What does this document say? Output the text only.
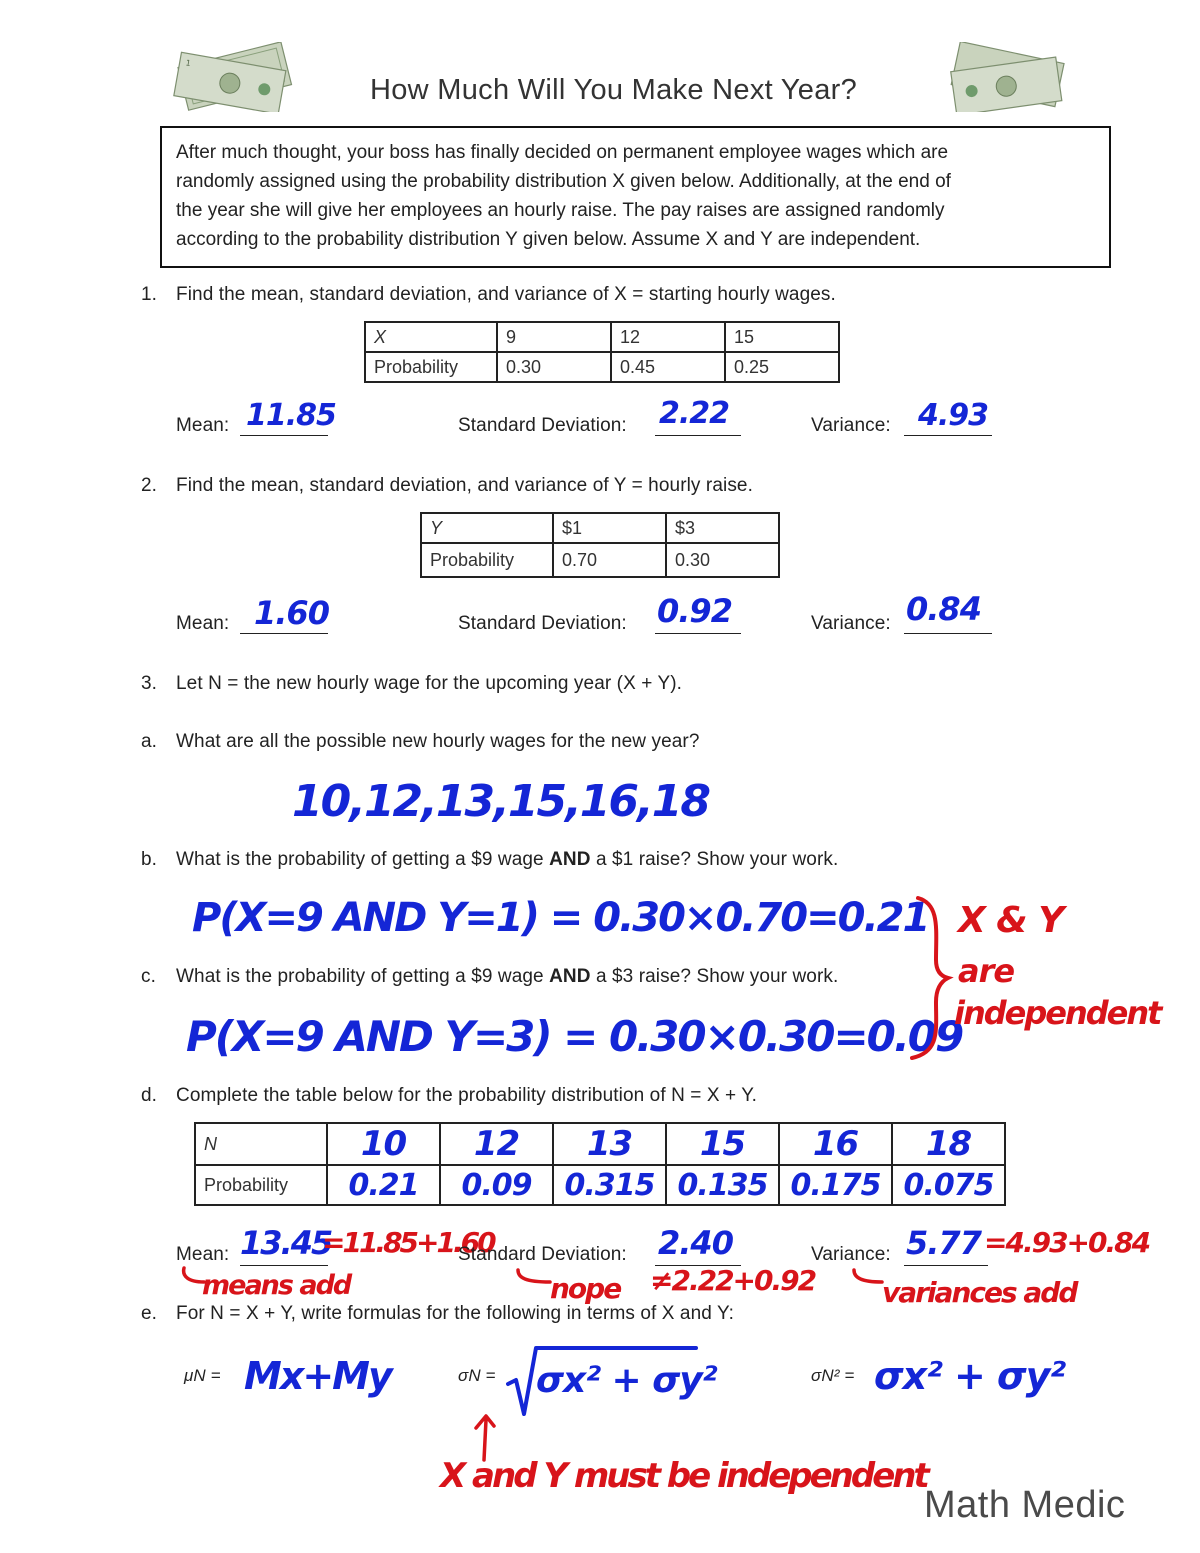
1
How Much Will You Make Next Year?

After much thought, your boss has finally decided on permanent employee wages which are

randomly assigned using the probability distribution X given below. Additionally, at the end of

the year she will give her employees an hourly raise. The pay raises are assigned randomly

according to the probability distribution Y given below. Assume X and Y are independent.

1. Find the mean, standard deviation, and variance of X = starting hourly wages.
X	9	12	15
Probability	0.30	0.45	0.25
Mean: 11.85	Standard Deviation: 2.22	Variance: 4.93
2. Find the mean, standard deviation, and variance of Y = hourly raise.
Y	$1	$3
Probability	0.70	0.30
Mean: 1.60	Standard Deviation: 0.92	Variance: 0.84
3. Let N = the new hourly wage for the upcoming year (X + Y).
a. What are all the possible new hourly wages for the new year?
10,12,13,15,16,18
b. What is the probability of getting a $9 wage AND a $1 raise? Show your work.
P(X=9 AND Y=1) = 0.30×0.70=0.21
c. What is the probability of getting a $9 wage AND a $3 raise? Show your work.
P(X=9 AND Y=3) = 0.30×0.30=0.09
X & Y
are
independent
d. Complete the table below for the probability distribution of N = X + Y.
N	10	12	13	15	16	18
Probability	0.21	0.09	0.315	0.135	0.175	0.075
Mean: 13.45
=11.85+1.60
Standard Deviation: 2.40	Variance: 5.77 =4.93+0.84
means add	nope ≠2.22+0.92 variances add
e. For N = X + Y, write formulas for the following in terms of X and Y:
μN = Mx+My	σN = σx² + σy²	σN² = σx² + σy²
X and Y must be independent
Math Medic
